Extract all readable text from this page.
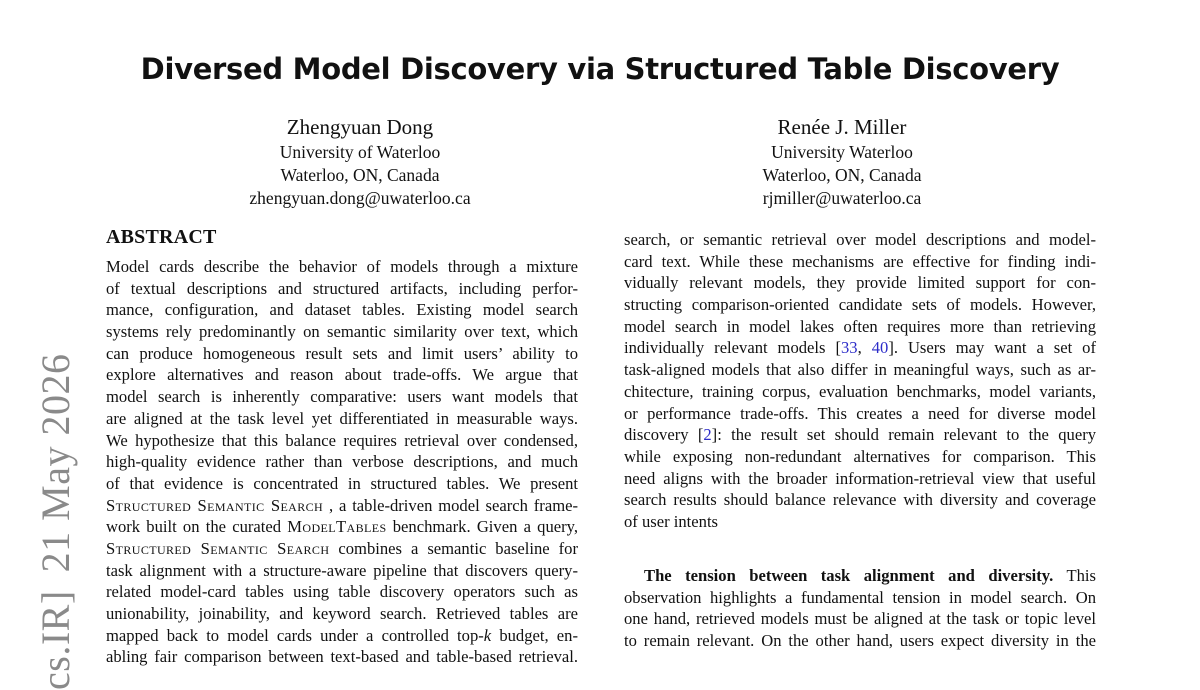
Diversed Model Discovery via Structured Table Discovery
Zhengyuan Dong
University of Waterloo
Waterloo, ON, Canada
zhengyuan.dong@uwaterloo.ca
Renée J. Miller
University Waterloo
Waterloo, ON, Canada
rjmiller@uwaterloo.ca
cs.IR]21 May 2026
ABSTRACT
Model cards describe the behavior of models through a mixture
of textual descriptions and structured artifacts, including perfor-
mance, configuration, and dataset tables. Existing model search
systems rely predominantly on semantic similarity over text, which
can produce homogeneous result sets and limit users’ ability to
explore alternatives and reason about trade-offs. We argue that
model search is inherently comparative: users want models that
are aligned at the task level yet differentiated in measurable ways.
We hypothesize that this balance requires retrieval over condensed,
high-quality evidence rather than verbose descriptions, and much
of that evidence is concentrated in structured tables. We present
Structured Semantic Search , a table-driven model search frame-
work built on the curated ModelTables benchmark. Given a query,
Structured Semantic Search combines a semantic baseline for
task alignment with a structure-aware pipeline that discovers query-
related model-card tables using table discovery operators such as
unionability, joinability, and keyword search. Retrieved tables are
mapped back to model cards under a controlled top-k budget, en-
abling fair comparison between text-based and table-based retrieval.
search, or semantic retrieval over model descriptions and model-
card text. While these mechanisms are effective for finding indi-
vidually relevant models, they provide limited support for con-
structing comparison-oriented candidate sets of models. However,
model search in model lakes often requires more than retrieving
individually relevant models [33, 40]. Users may want a set of
task-aligned models that also differ in meaningful ways, such as ar-
chitecture, training corpus, evaluation benchmarks, model variants,
or performance trade-offs. This creates a need for diverse model
discovery [2]: the result set should remain relevant to the query
while exposing non-redundant alternatives for comparison. This
need aligns with the broader information-retrieval view that useful
search results should balance relevance with diversity and coverage
of user intents
The tension between task alignment and diversity. This
observation highlights a fundamental tension in model search. On
one hand, retrieved models must be aligned at the task or topic level
to remain relevant. On the other hand, users expect diversity in the
